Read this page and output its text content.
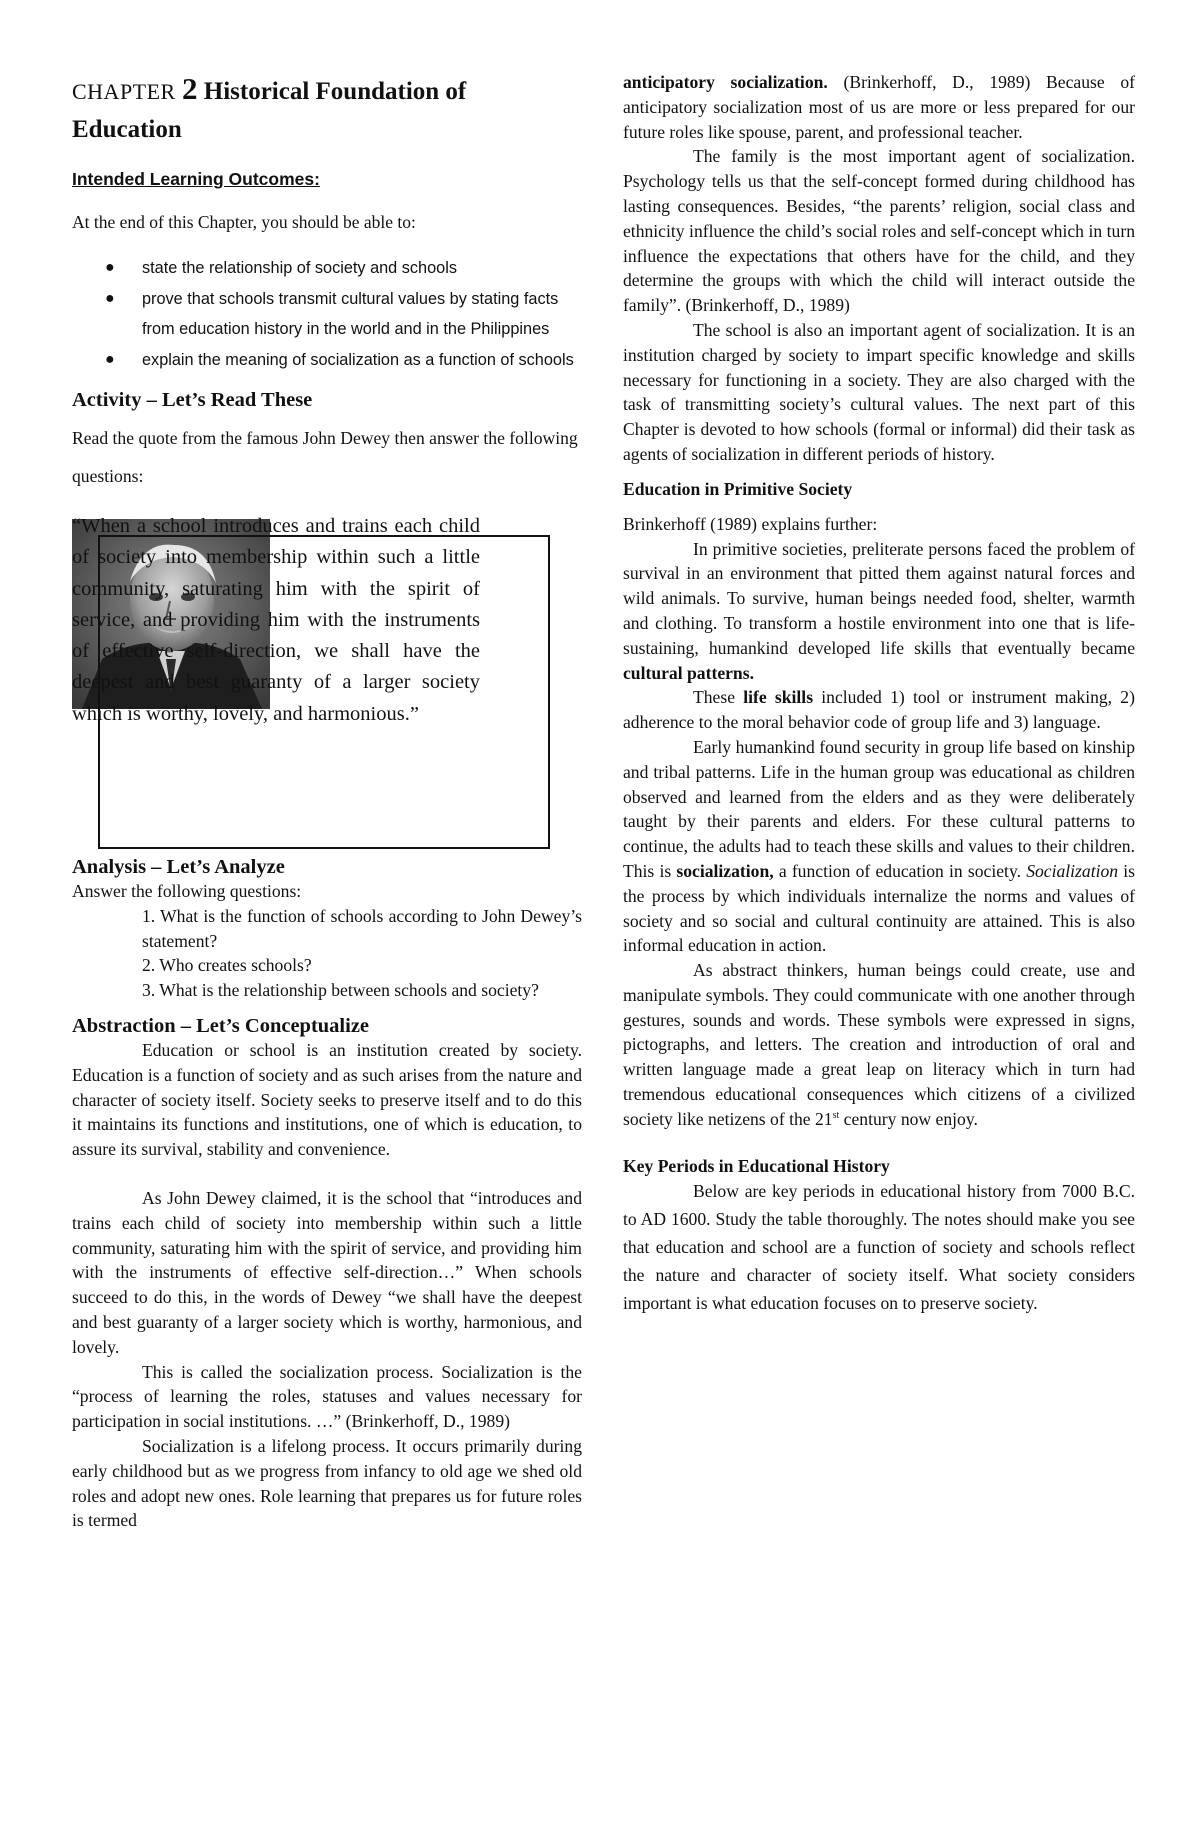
CHAPTER 2 Historical Foundation of
Education
Intended Learning Outcomes:
At the end of this Chapter, you should be able to:
● state the relationship of society and schools
● prove that schools transmit cultural values by stating facts from education history in the world and in the Philippines
● explain the meaning of socialization as a function of schools
Activity – Let’s Read These
Read the quote from the famous John Dewey then answer the following questions:
“When a school introduces and trains each child of society into membership within such a little community, saturating him with the spirit of service, and providing him with the instruments of effective self-direction, we shall have the deepest and best guaranty of a larger society which is worthy, lovely, and harmonious.”
Analysis – Let’s Analyze
Answer the following questions:

1. What is the function of schools according to John Dewey’s statement?

2. Who creates schools?

3. What is the relationship between schools and society?

Abstraction – Let’s Conceptualize

Education or school is an institution created by society. Education is a function of society and as such arises from the nature and character of society itself. Society seeks to preserve itself and to do this it maintains its functions and institutions, one of which is education, to assure its survival, stability and convenience.

As John Dewey claimed, it is the school that “introduces and trains each child of society into membership within such a little community, saturating him with the spirit of service, and providing him with the instruments of effective self-direction…” When schools succeed to do this, in the words of Dewey “we shall have the deepest and best guaranty of a larger society which is worthy, harmonious, and lovely.

This is called the socialization process. Socialization is the “process of learning the roles, statuses and values necessary for participation in social institutions. …” (Brinkerhoff, D., 1989)

Socialization is a lifelong process. It occurs primarily during early childhood but as we progress from infancy to old age we shed old roles and adopt new ones. Role learning that prepares us for future roles is termed

anticipatory socialization. (Brinkerhoff, D., 1989) Because of anticipatory socialization most of us are more or less prepared for our future roles like spouse, parent, and professional teacher.

The family is the most important agent of socialization. Psychology tells us that the self-concept formed during childhood has lasting consequences. Besides, “the parents’ religion, social class and ethnicity influence the child’s social roles and self-concept which in turn influence the expectations that others have for the child, and they determine the groups with which the child will interact outside the family”. (Brinkerhoff, D., 1989)

The school is also an important agent of socialization. It is an institution charged by society to impart specific knowledge and skills necessary for functioning in a society. They are also charged with the task of transmitting society’s cultural values. The next part of this Chapter is devoted to how schools (formal or informal) did their task as agents of socialization in different periods of history.

Education in Primitive Society

Brinkerhoff (1989) explains further:

In primitive societies, preliterate persons faced the problem of survival in an environment that pitted them against natural forces and wild animals. To survive, human beings needed food, shelter, warmth and clothing. To transform a hostile environment into one that is life-sustaining, humankind developed life skills that eventually became cultural patterns.

These life skills included 1) tool or instrument making, 2) adherence to the moral behavior code of group life and 3) language.

Early humankind found security in group life based on kinship and tribal patterns. Life in the human group was educational as children observed and learned from the elders and as they were deliberately taught by their parents and elders. For these cultural patterns to continue, the adults had to teach these skills and values to their children. This is socialization, a function of education in society. Socialization is the process by which individuals internalize the norms and values of society and so social and cultural continuity are attained. This is also informal education in action.

As abstract thinkers, human beings could create, use and manipulate symbols. They could communicate with one another through gestures, sounds and words. These symbols were expressed in signs, pictographs, and letters. The creation and introduction of oral and written language made a great leap on literacy which in turn had tremendous educational consequences which citizens of a civilized society like netizens of the 21st century now enjoy.

Key Periods in Educational History

Below are key periods in educational history from 7000 B.C. to AD 1600. Study the table thoroughly. The notes should make you see that education and school are a function of society and schools reflect the nature and character of society itself. What society considers important is what education focuses on to preserve society.
